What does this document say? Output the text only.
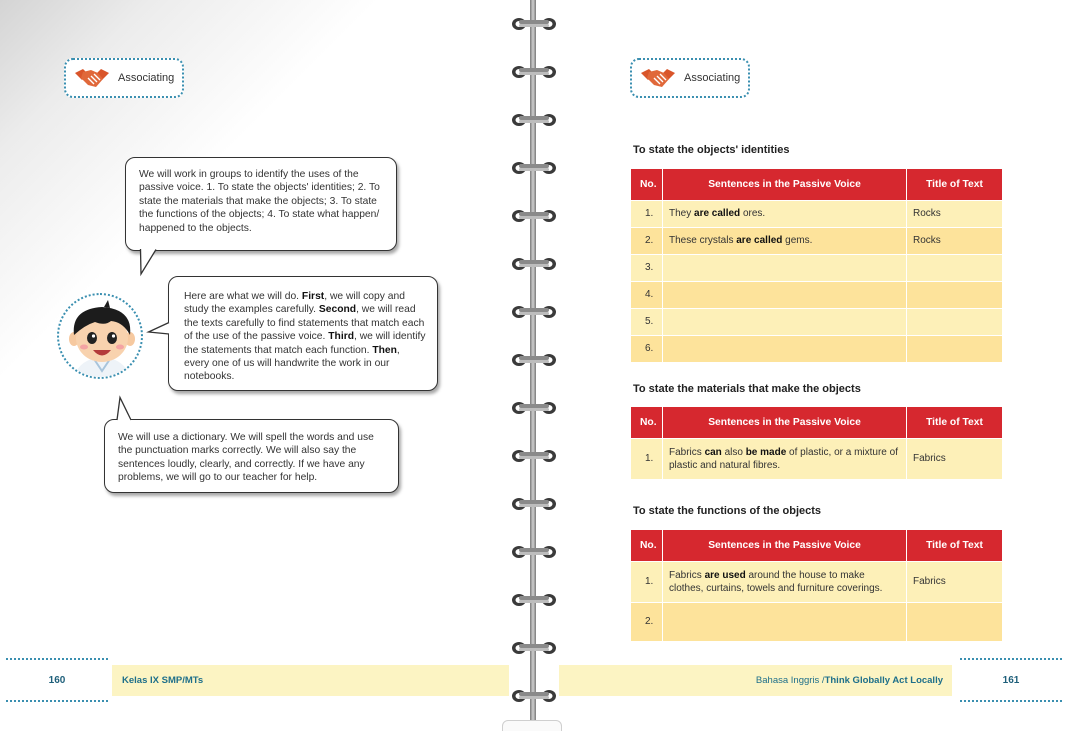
Associating
We will work in groups to identify the uses of the passive voice. 1. To state the objects' identities; 2. To state the materials that make the objects; 3. To state the functions of the objects; 4. To state what happen/ happened to the objects.
Here are what we will do. First, we will copy and study the examples carefully. Second, we will read the texts carefully to find statements that match each of the use of the passive voice. Third, we will identify the statements that match each function. Then, every one of us will handwrite the work in our notebooks.
We will use a dictionary. We will spell the words and use the punctuation marks correctly. We will also say the sentences loudly, clearly, and correctly. If we have any problems, we will go to our teacher for help.
160	Kelas IX SMP/MTs
Associating
To state the objects' identities
No.	Sentences in the Passive Voice	Title of Text
1.	They are called ores.	Rocks
2.	These crystals are called gems.	Rocks
3.		
4.		
5.		
6.		
To state the materials that make the objects
No.	Sentences in the Passive Voice	Title of Text
1.	Fabrics can also be made of plastic, or a mixture of plastic and natural fibres.	Fabrics
To state the functions of the objects
No.	Sentences in the Passive Voice	Title of Text
1.	Fabrics are used around the house to make clothes, curtains, towels and furniture coverings.	Fabrics
2.		
Bahasa Inggris / Think Globally Act Locally	161
